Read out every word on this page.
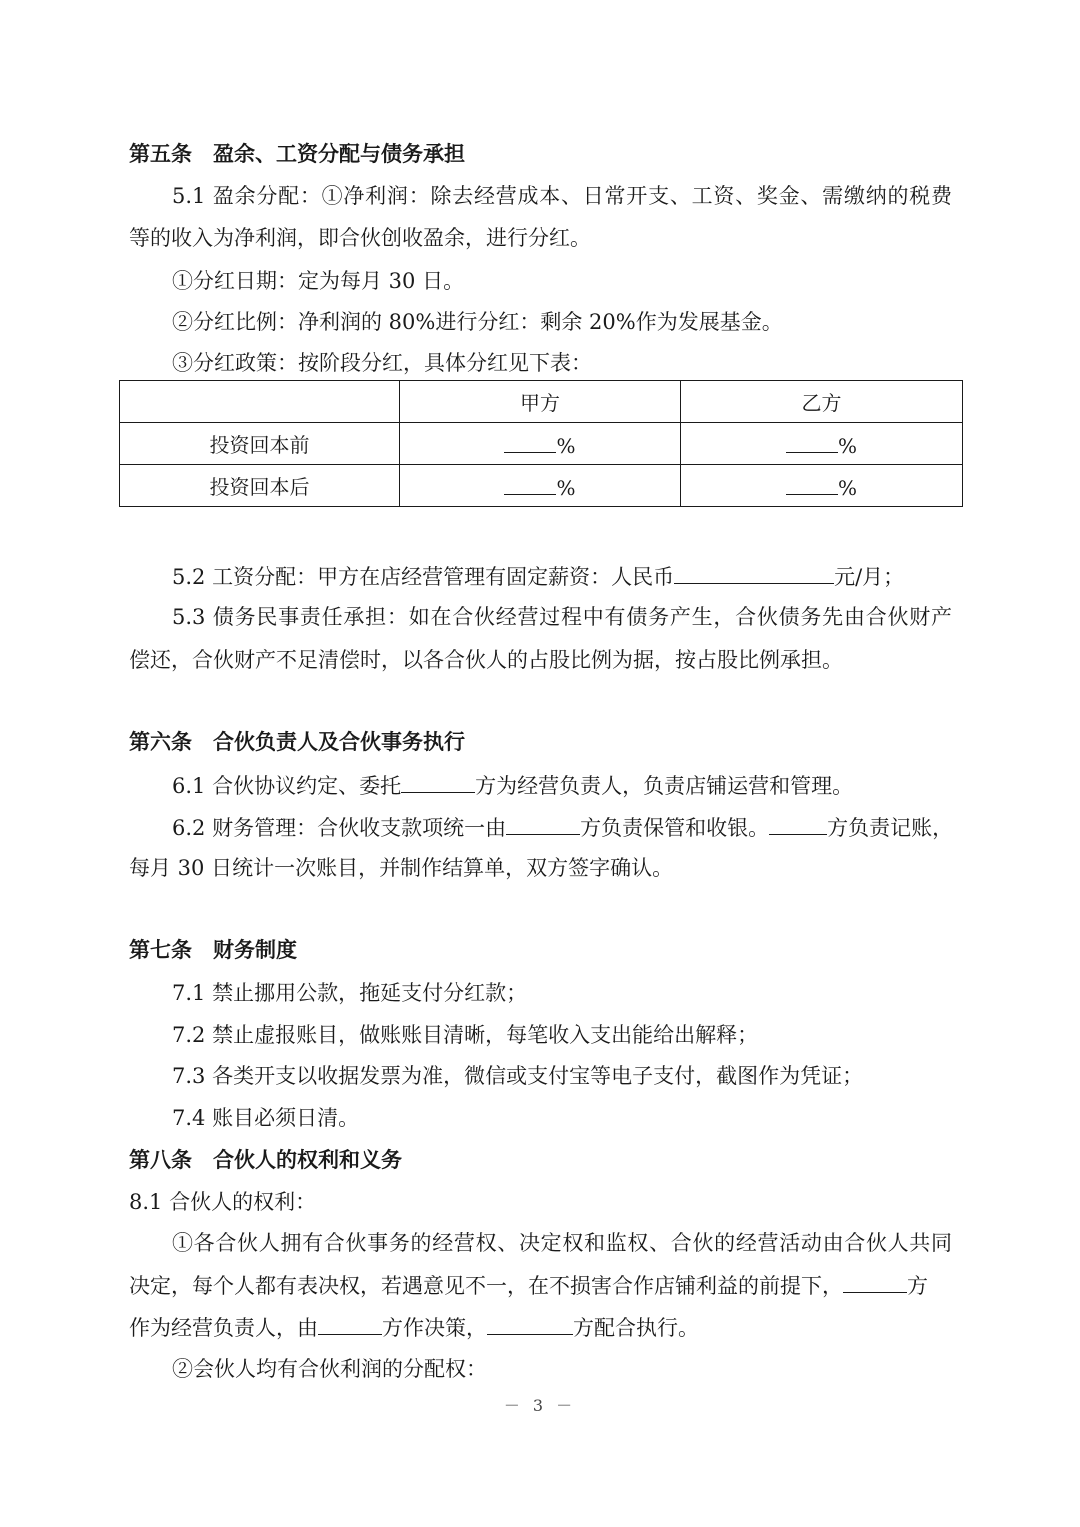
第五条　盈余、工资分配与债务承担
5.1 盈余分配：①净利润：除去经营成本、日常开支、工资、奖金、需缴纳的税费
等的收入为净利润，即合伙创收盈余，进行分红。
①分红日期：定为每月 30 日。
②分红比例：净利润的 80%进行分红：剩余 20%作为发展基金。
③分红政策：按阶段分红，具体分红见下表：
	甲方	乙方
投资回本前	%	%
投资回本后	%	%
5.2 工资分配：甲方在店经营管理有固定薪资：人民币	元/月；
5.3 债务民事责任承担：如在合伙经营过程中有债务产生，合伙债务先由合伙财产
偿还，合伙财产不足清偿时，以各合伙人的占股比例为据，按占股比例承担。
第六条　合伙负责人及合伙事务执行
6.1 合伙协议约定、委托	方为经营负责人，负责店铺运营和管理。
6.2 财务管理：合伙收支款项统一由	方负责保管和收银。	方负责记账，
每月 30 日统计一次账目，并制作结算单，双方签字确认。
第七条　财务制度
7.1 禁止挪用公款，拖延支付分红款；
7.2 禁止虚报账目，做账账目清晰，每笔收入支出能给出解释；
7.3 各类开支以收据发票为准，微信或支付宝等电子支付，截图作为凭证；
7.4 账目必须日清。
第八条　合伙人的权利和义务
8.1 合伙人的权利：
①各合伙人拥有合伙事务的经营权、决定权和监权、合伙的经营活动由合伙人共同
决定，每个人都有表决权，若遇意见不一，在不损害合作店铺利益的前提下，	方
作为经营负责人，由	方作决策，	方配合执行。
②会伙人均有合伙利润的分配权：
－ 3 －
